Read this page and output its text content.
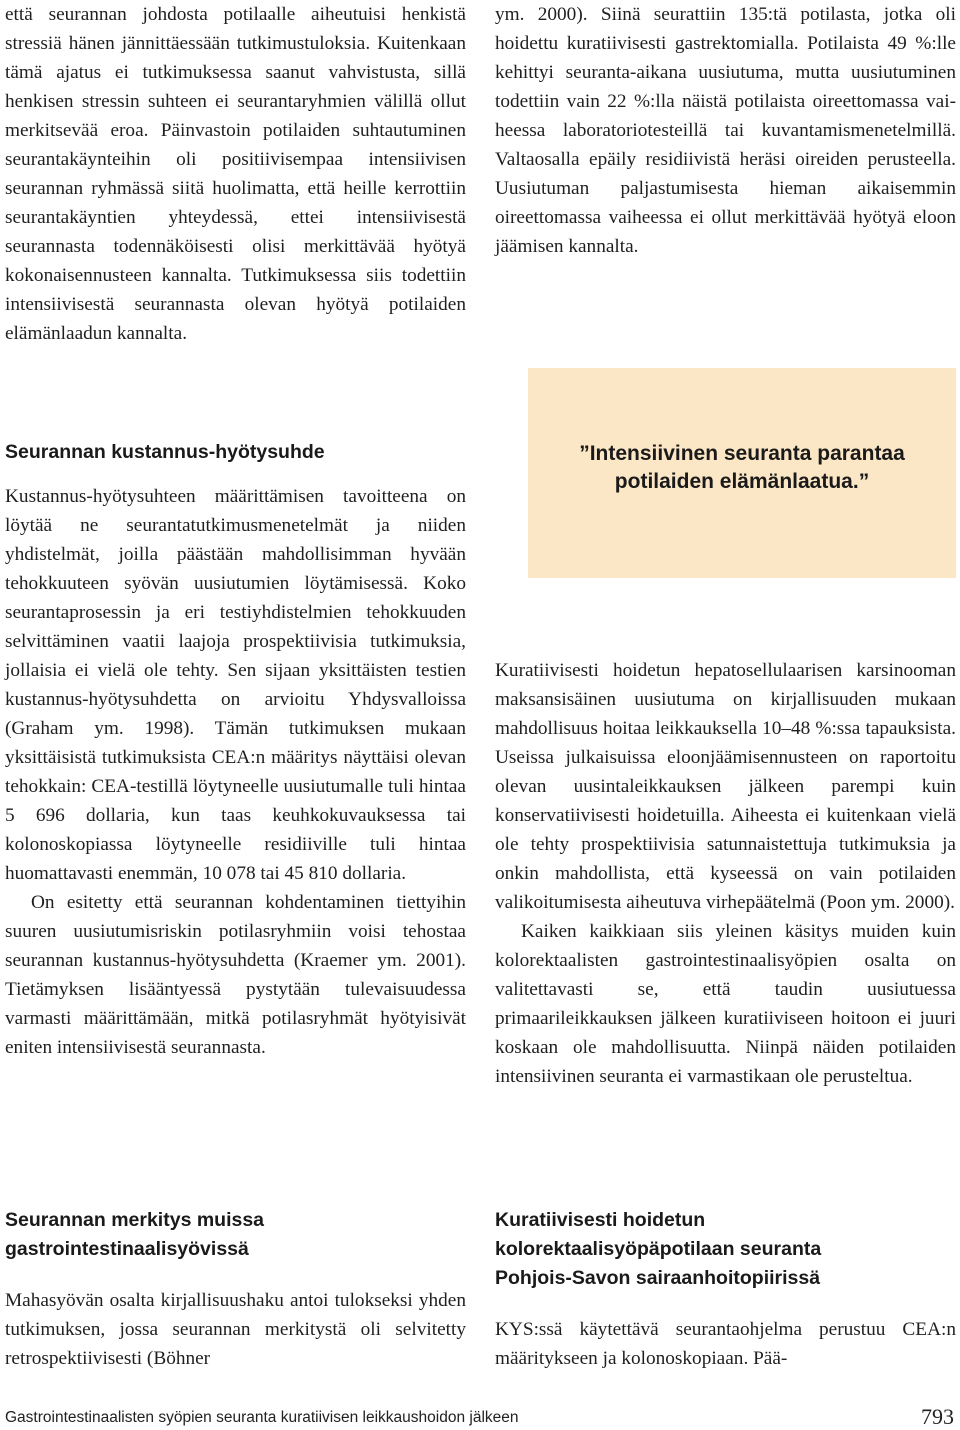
että seurannan johdosta potilaalle aiheutuisi henkistä stressiä hänen jännittäessään tutkimustuloksia. Kuitenkaan tämä ajatus ei tutkimuksessa saanut vahvistusta, sillä henkisen stressin suhteen ei seurantaryhmien välillä ollut merkitsevää eroa. Päinvastoin potilaiden suhtautuminen seurantakäynteihin oli positiivisempaa intensiivisen seurannan ryhmässä siitä huolimatta, että heille kerrottiin seurantakäyntien yhteydessä, ettei intensiivisestä seurannasta todennäköisesti olisi merkittävää hyötyä kokonaisennusteen kannalta. Tutkimuksessa siis todettiin intensiivisestä seurannasta olevan hyötyä potilaiden elämänlaadun kannalta.

Seurannan kustannus-hyötysuhde

Kustannus-hyötysuhteen määrittämisen tavoitteena on löytää ne seurantatutkimusmenetelmät ja niiden yhdistelmät, joilla päästään mahdollisimman hyvään tehokkuuteen syövän uusiutumien löytämisessä. Koko seurantaprosessin ja eri testiyhdistelmien tehokkuuden selvittäminen vaatii laajoja prospektiivisia tutkimuksia, jollaisia ei vielä ole tehty. Sen sijaan yksittäisten testien kustannus-hyötysuhdetta on arvioitu Yhdysvalloissa (Graham ym. 1998). Tämän tutkimuksen mukaan yksittäisistä tutkimuksista CEA:n määritys näyttäisi olevan tehokkain: CEA-testillä löytyneelle uusiutumalle tuli hintaa 5 696 dollaria, kun taas keuhkokuvauksessa tai kolonoskopiassa löytyneelle residiiville tuli hintaa huomattavasti enemmän, 10 078 tai 45 810 dollaria.

On esitetty että seurannan kohdentaminen tiettyihin suuren uusiutumisriskin potilasryhmiin voisi tehostaa seurannan kustannus-hyötysuhdetta (Kraemer ym. 2001). Tietämyksen lisääntyessä pystytään tulevaisuudessa varmasti määrittämään, mitkä potilasryhmät hyötyisivät eniten intensiivisestä seurannasta.

Seurannan merkitys muissa
gastrointestinaalisyövissä

Mahasyövän osalta kirjallisuushaku antoi tulokseksi yhden tutkimuksen, jossa seurannan merkitystä oli selvitetty retrospektiivisesti (Böhner

ym. 2000). Siinä seurattiin 135:tä potilasta, jotka oli hoidettu kuratiivisesti gastrektomialla. Potilaista 49 %:lle kehittyi seuranta-aikana uusiutuma, mutta uusiutuminen todettiin vain 22 %:lla näistä potilaista oireettomassa vaiheessa laboratoriotesteillä tai kuvantamismenetelmillä. Valtaosalla epäily residiivistä heräsi oireiden perusteella. Uusiutuman paljastumisesta hieman aikaisemmin oireettomassa vaiheessa ei ollut merkittävää hyötyä eloon jäämisen kannalta.

”Intensiivinen seuranta parantaa potilaiden elämänlaatua.”

Kuratiivisesti hoidetun hepatosellulaarisen karsinooman maksansisäinen uusiutuma on kirjallisuuden mukaan mahdollisuus hoitaa leikkauksella 10–48 %:ssa tapauksista. Useissa julkaisuissa eloonjäämisennusteen on raportoitu olevan uusintaleikkauksen jälkeen parempi kuin konservatiivisesti hoidetuilla. Aiheesta ei kuitenkaan vielä ole tehty prospektiivisia satunnaistettuja tutkimuksia ja onkin mahdollista, että kyseessä on vain potilaiden valikoitumisesta aiheutuva virhepäätelmä (Poon ym. 2000).

Kaiken kaikkiaan siis yleinen käsitys muiden kuin kolorektaalisten gastrointestinaalisyöpien osalta on valitettavasti se, että taudin uusiutuessa primaarileikkauksen jälkeen kuratiiviseen hoitoon ei juuri koskaan ole mahdollisuutta. Niinpä näiden potilaiden intensiivinen seuranta ei varmastikaan ole perusteltua.

Kuratiivisesti hoidetun
kolorektaalisyöpäpotilaan seuranta
Pohjois-Savon sairaanhoitopiirissä

KYS:ssä käytettävä seurantaohjelma perustuu CEA:n määritykseen ja kolonoskopiaan. Pää-

Gastrointestinaalisten syöpien seuranta kuratiivisen leikkaushoidon jälkeen	793
